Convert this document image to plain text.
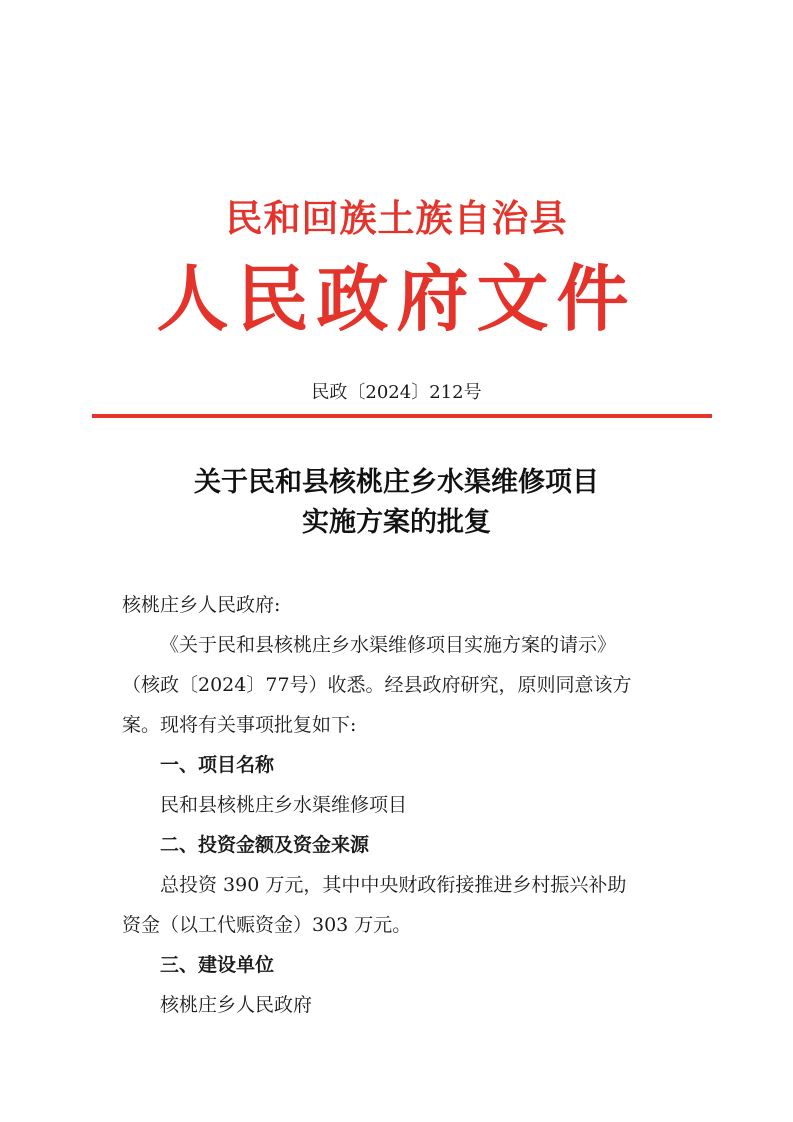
民和回族土族自治县
人民政府文件
民政〔2024〕212号
关于民和县核桃庄乡水渠维修项目
实施方案的批复

核桃庄乡人民政府:

《关于民和县核桃庄乡水渠维修项目实施方案的请示》

（核政〔2024〕77号）收悉。经县政府研究，原则同意该方

案。现将有关事项批复如下:

一、项目名称

民和县核桃庄乡水渠维修项目

二、投资金额及资金来源

总投资 390 万元，其中中央财政衔接推进乡村振兴补助

资金（以工代赈资金）303 万元。

三、建设单位

核桃庄乡人民政府
